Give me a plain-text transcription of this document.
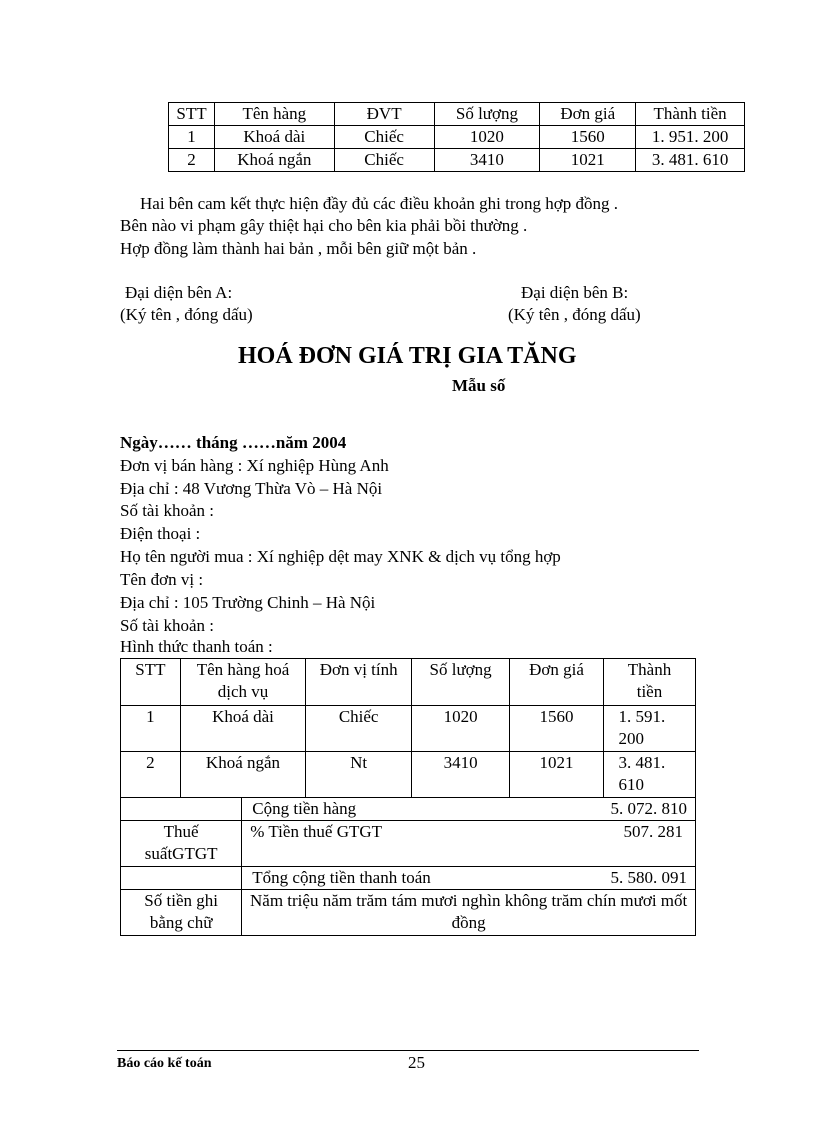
STT	Tên hàng	ĐVT	Số lượng	Đơn giá	Thành tiền
1	Khoá dài	Chiếc	1020	1560	1. 951. 200
2	Khoá ngắn	Chiếc	3410	1021	3. 481. 610
Hai bên cam kết thực hiện đầy đủ các điều khoản ghi trong hợp đồng .
Bên nào vi phạm gây thiệt hại cho bên kia phải bồi thường .
Hợp đồng làm thành hai bản , mỗi bên giữ một bản .
Đại diện bên A:
(Ký tên , đóng dấu)
Đại diện bên B:
(Ký tên , đóng dấu)
HOÁ ĐƠN GIÁ TRỊ GIA TĂNG
Mẫu số
Ngày…… tháng ……năm 2004
Đơn vị bán hàng : Xí nghiệp Hùng Anh
Địa chỉ : 48 Vương Thừa Vò – Hà Nội
Số tài khoản :
Điện thoại :
Họ tên người mua : Xí nghiệp dệt may XNK & dịch vụ tổng hợp
Tên đơn vị :
Địa chỉ : 105 Trường Chinh – Hà Nội
Số tài khoản :
Hình thức thanh toán :
STT	Tên hàng hoá dịch vụ		Đơn vị tính	Số lượng	Đơn giá	Thành tiền

1	Khoá dài		Chiếc	1020	1560	1. 591. 200

2	Khoá ngắn		Nt	3410	1021	3. 481. 610

		Cộng tiền hàng 5. 072. 810				

Thuế suấtGTGT		% Tiền thuế GTGT 507. 281				

		Tổng cộng tiền thanh toán 5. 580. 091				

Số tiền ghi bằng chữ		Năm triệu năm trăm tám mươi nghìn không trăm chín mươi mốt đồng				
Báo cáo kế toán	25
